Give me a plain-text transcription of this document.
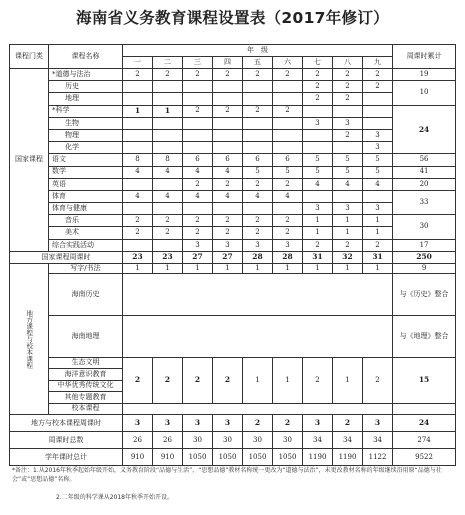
海南省义务教育课程设置表（2017年修订）
课程门类	课程名称	年　级									周课时累计
		一	二	三	四	五	六	七	八	九	
国家课程	*道德与法治	2	2	2	2	2	2	2	2	2	19
	历史							2	2	2	10
	地理							2	2		
	*科学	1	1	2	2	2	2				24
	生物							3	3		
	物理								2	3	
	化学									3	
	语文	8	8	6	6	6	6	5	5	5	56
	数学	4	4	4	4	5	5	5	5	5	41
	英语			2	2	2	2	4	4	4	20
	体育	4	4	4	4	4	4				33
	体育与健康							3	3	3	
	音乐	2	2	2	2	2	2	1	1	1	30
	美术	2	2	2	2	2	2	1	1	1	
	综合实践活动			3	3	3	3	2	2	2	17
国家课程周课时		23	23	27	27	28	28	31	32	31	250

地方课程与校本课程	写字/书法	1	1	1	1	1	1	1	1	1	9
	海南历史										与《历史》整合
	海南地理										与《地理》整合
	生态文明	2	2	2	2	1	1	2	1	2	15
	海洋意识教育										
	中华优秀传统文化										
	其他专题教育										
	校本课程										
地方与校本课程周课时		3	3	3	3	2	2	3	2	3	24
周课时总数		26	26	30	30	30	30	34	34	34	274
学年课时总计		910	910	1050	1050	1050	1050	1190	1190	1122	9522
*备注：1.从2016年秋季起始年级开始，义务教育阶段“品德与生活”、“思想品德”教材名称统一更改为“道德与法治”，未更改教材名称的年级继续沿用原“品德与社会”或“思想品德”名称。
2.二年级的科学课从2018年秋季开始开设。
